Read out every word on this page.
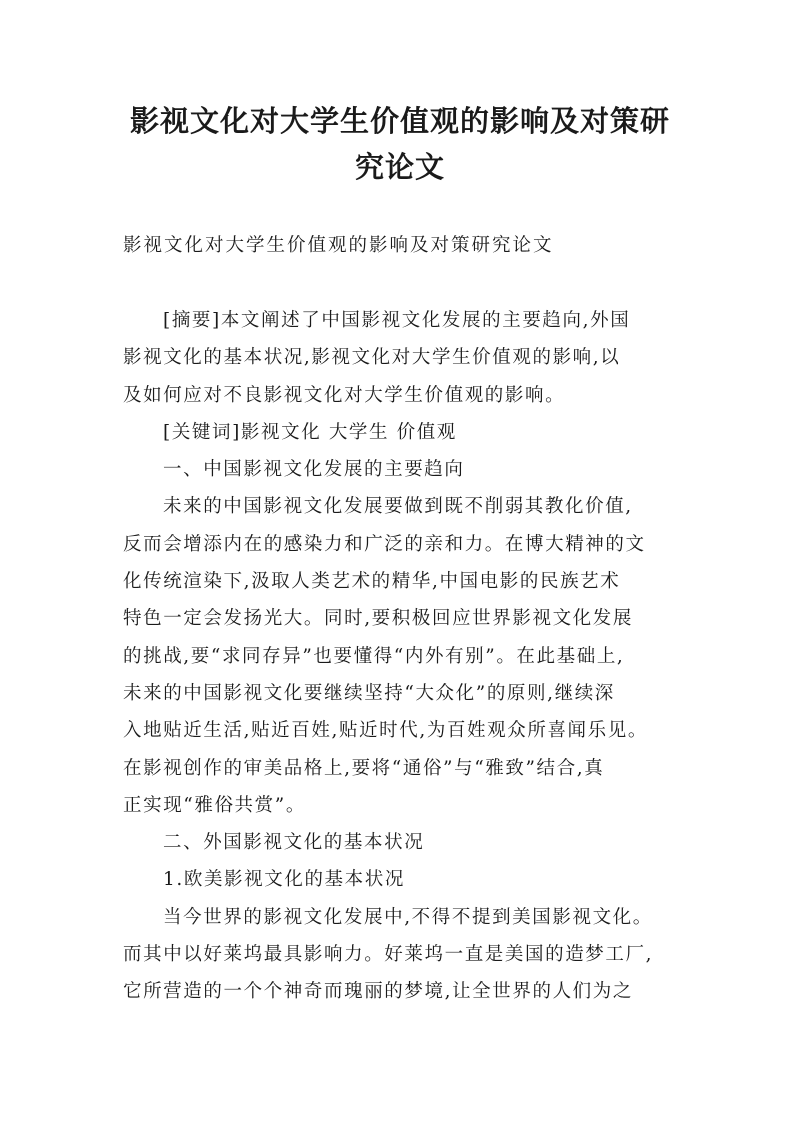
影视文化对大学生价值观的影响及对策研
究论文

影视文化对大学生价值观的影响及对策研究论文

[摘要]本文阐述了中国影视文化发展的主要趋向,外国
影视文化的基本状况,影视文化对大学生价值观的影响,以
及如何应对不良影视文化对大学生价值观的影响。
[关键词]影视文化 大学生 价值观
一、中国影视文化发展的主要趋向
未来的中国影视文化发展要做到既不削弱其教化价值,
反而会增添内在的感染力和广泛的亲和力。在博大精神的文
化传统渲染下,汲取人类艺术的精华,中国电影的民族艺术
特色一定会发扬光大。同时,要积极回应世界影视文化发展
的挑战,要“求同存异”也要懂得“内外有别”。在此基础上,
未来的中国影视文化要继续坚持“大众化”的原则,继续深
入地贴近生活,贴近百姓,贴近时代,为百姓观众所喜闻乐见。
在影视创作的审美品格上,要将“通俗”与“雅致”结合,真
正实现“雅俗共赏”。
二、外国影视文化的基本状况
1.欧美影视文化的基本状况
当今世界的影视文化发展中,不得不提到美国影视文化。
而其中以好莱坞最具影响力。好莱坞一直是美国的造梦工厂,
它所营造的一个个神奇而瑰丽的梦境,让全世界的人们为之
